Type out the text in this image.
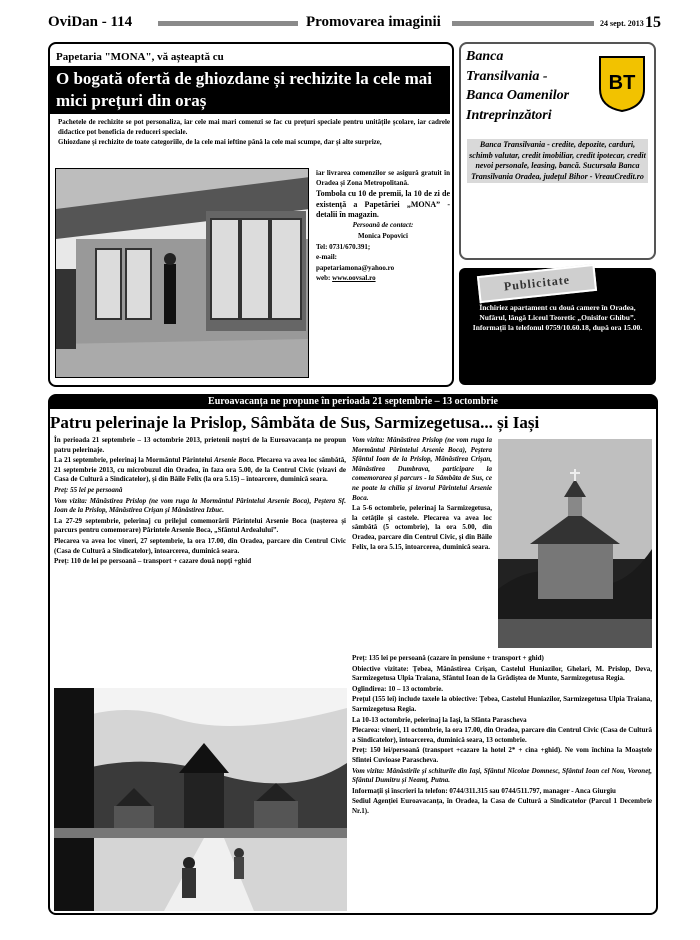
OviDan - 114	Promovarea imaginii	24 sept. 2013 15
Papetaria "MONA", vă așteaptă cu
O bogată ofertă de ghiozdane și rechizite la cele mai mici prețuri din oraș

Pachetele de rechizite se pot personaliza, iar cele mai mari comenzi se fac cu prețuri speciale pentru unitățile școlare, iar cadrele didactice pot beneficia de reduceri speciale.

Ghiozdane și rechizite de toate categoriile, de la cele mai ieftine până la cele mai scumpe, dar și alte surprize,

iar livrarea comenzilor se asigură gratuit în Oradea și Zona Metropolitană.

Tombola cu 10 de premii, la 10 de zi de existență a Papetăriei „MONA” - detalii în magazin.

Persoană de contact:

Monica Popovici

Tel: 0731/670.391;

e-mail:

papetariamona@yahoo.ro

web: www.oovsal.ro

Banca
Transilvania -
Banca Oamenilor
Intreprinzători
BT
Banca Transilvania - credite, depozite, carduri, schimb valutar, credit imobiliar, credit ipotecar, credit nevoi personale, leasing, bancă. Sucursala Banca Transilvania Oradea, județul Bihor - VreauCredit.ro
Publicitate

Închiriez apartament cu două camere în Oradea, Nufărul, lângă Liceul Teoretic „Onisifor Ghibu”.

Informații la telefonul 0759/10.60.18, după ora 15.00.

Euroavacanța ne propune în perioada 21 septembrie – 13 octombrie
Patru pelerinaje la Prislop, Sâmbăta de Sus, Sarmizegetusa... și Iași

În perioada 21 septembrie – 13 octombrie 2013, prietenii noștri de la Euroavacanța ne propun patru pelerinaje.

La 21 septembrie, pelerinaj la Mormântul Părintelui Arsenie Boca. Plecarea va avea loc sâmbătă, 21 septembrie 2013, cu microbuzul din Oradea, în faza ora 5.00, de la Centrul Civic (vizavi de Casa de Cultură a Sindicatelor), și din Băile Felix (la ora 5.15) – întoarcere, duminică seara.

Preț: 55 lei pe persoană

Vom vizita: Mânăstirea Prislop (ne vom ruga la Mormântul Părintelui Arsenie Boca), Peștera Sf. Ioan de la Prislop, Mânăstirea Crișan și Mânăstirea Izbuc.

La 27-29 septembrie, pelerinaj cu prilejul comemorării Părintelui Arsenie Boca (nașterea și parcurs pentru comemorare) Părintele Arsenie Boca, „Sfântul Ardealului”.

Plecarea va avea loc vineri, 27 septembrie, la ora 17.00, din Oradea, parcare din Centrul Civic (Casa de Cultură a Sindicatelor), întoarcerea, duminică seara.

Preț: 110 de lei pe persoană – transport + cazare două nopți +ghid

Vom vizita: Mânăstirea Prislop (ne vom ruga la Mormântul Părintelui Arsenie Boca), Peștera Sfântul Ioan de la Prislop, Mânăstirea Crișan, Mânăstirea Dumbrava, participare la comemorarea și parcurs - la Sâmbăta de Sus, ce ne poate la chilia și izvorul Părintelui Arsenie Boca.

La 5-6 octombrie, pelerinaj la Sarmizegetusa, la cetățile și castele. Plecarea va avea loc sâmbătă (5 octombrie), la ora 5.00, din Oradea, parcare din Centrul Civic, și din Băile Felix, la ora 5.15, întoarcerea, duminică seara.

Preț: 135 lei pe persoană (cazare în pensiune + transport + ghid)

Obiective vizitate: Țebea, Mânăstirea Crișan, Castelul Huniazilor, Ghelari, M. Prislop, Deva, Sarmizegetusa Ulpia Traiana, Sfântul Ioan de la Grădiștea de Munte, Sarmizegetusa Regia.

Oglindirea: 10 – 13 octombrie.

Prețul (155 lei) include taxele la obiective: Țebea, Castelul Huniazilor, Sarmizegetusa Ulpia Traiana, Sarmizegetusa Regia.

La 10-13 octombrie, pelerinaj la Iași, la Sfânta Parascheva

Plecarea: vineri, 11 octombrie, la ora 17.00, din Oradea, parcare din Centrul Civic (Casa de Cultură a Sindicatelor), întoarcerea, duminică seara, 13 octombrie.

Preț: 150 lei/persoană (transport +cazare la hotel 2* + cina +ghid). Ne vom închina la Moaștele Sfintei Cuvioase Parascheva.

Vom vizita: Mânăstirile și schiturile din Iași, Sfântul Nicolae Domnesc, Sfântul Ioan cel Nou, Voroneț, Sfântul Dumitru și Neamț, Putna.

Informații și înscrieri la telefon: 0744/311.315 sau 0744/511.797, manager - Anca Giurgiu

Sediul Agenției Euroavacanța, în Oradea, la Casa de Cultură a Sindicatelor (Parcul 1 Decembrie Nr.1).
